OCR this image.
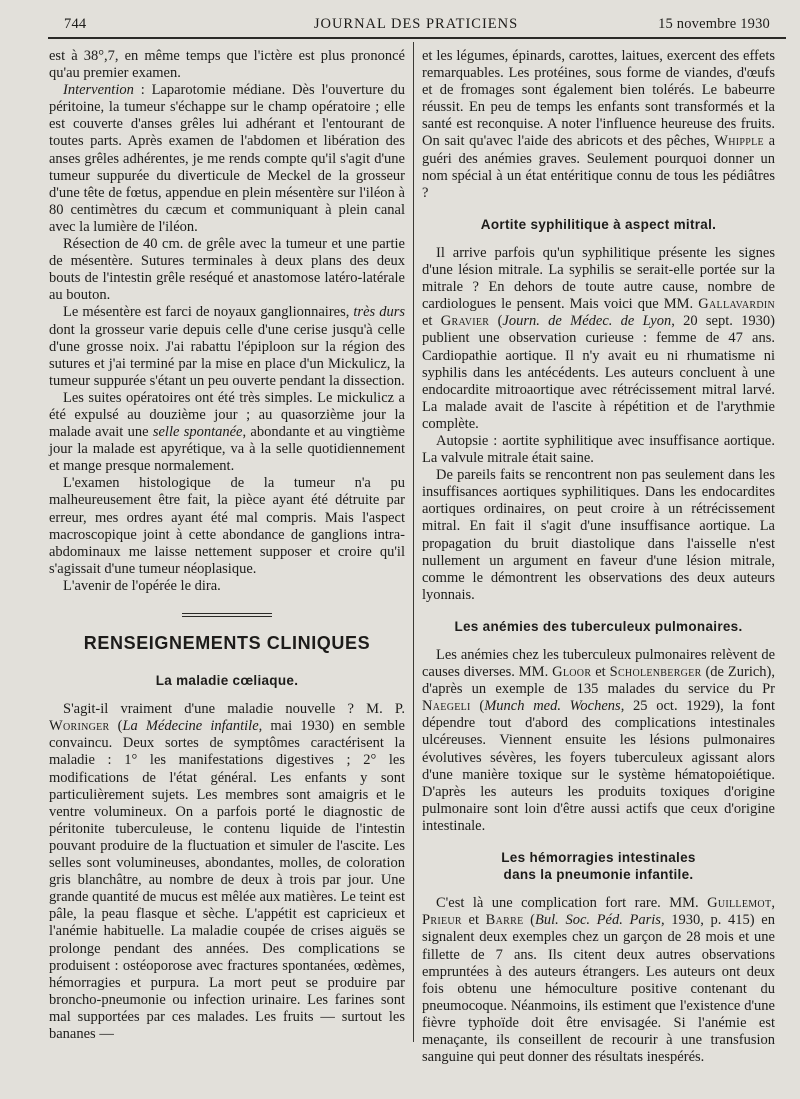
744	JOURNAL DES PRATICIENS	15 novembre 1930

est à 38°,7, en même temps que l'ictère est plus prononcé qu'au premier examen.

Intervention : Laparotomie médiane. Dès l'ouverture du péritoine, la tumeur s'échappe sur le champ opératoire ; elle est couverte d'anses grêles lui adhérant et l'entourant de toutes parts. Après examen de l'abdomen et libération des anses grêles adhérentes, je me rends compte qu'il s'agit d'une tumeur suppurée du diverticule de Meckel de la grosseur d'une tête de fœtus, appendue en plein mésentère sur l'iléon à 80 centimètres du cæcum et communiquant à plein canal avec la lumière de l'iléon.

Résection de 40 cm. de grêle avec la tumeur et une partie de mésentère. Sutures terminales à deux plans des deux bouts de l'intestin grêle reséqué et anastomose latéro-latérale au bouton.

Le mésentère est farci de noyaux ganglionnaires, très durs dont la grosseur varie depuis celle d'une cerise jusqu'à celle d'une grosse noix. J'ai rabattu l'épiploon sur la région des sutures et j'ai terminé par la mise en place d'un Mickulicz, la tumeur suppurée s'étant un peu ouverte pendant la dissection.

Les suites opératoires ont été très simples. Le mickulicz a été expulsé au douzième jour ; au quasorzième jour la malade avait une selle spontanée, abondante et au vingtième jour la malade est apyrétique, va à la selle quotidiennement et mange presque normalement.

L'examen histologique de la tumeur n'a pu malheureusement être fait, la pièce ayant été détruite par erreur, mes ordres ayant été mal compris. Mais l'aspect macroscopique joint à cette abondance de ganglions intra-abdominaux me laisse nettement supposer et croire qu'il s'agissait d'une tumeur néoplasique.

L'avenir de l'opérée le dira.

RENSEIGNEMENTS CLINIQUES
La maladie cœliaque.

S'agit-il vraiment d'une maladie nouvelle ? M. P. Woringer (La Médecine infantile, mai 1930) en semble convaincu. Deux sortes de symptômes caractérisent la maladie : 1° les manifestations digestives ; 2° les modifications de l'état général. Les enfants y sont particulièrement sujets. Les membres sont amaigris et le ventre volumineux. On a parfois porté le diagnostic de péritonite tuberculeuse, le contenu liquide de l'intestin pouvant produire de la fluctuation et simuler de l'ascite. Les selles sont volumineuses, abondantes, molles, de coloration gris blanchâtre, au nombre de deux à trois par jour. Une grande quantité de mucus est mêlée aux matières. Le teint est pâle, la peau flasque et sèche. L'appétit est capricieux et l'anémie habituelle. La maladie coupée de crises aiguës se prolonge pendant des années. Des complications se produisent : ostéoporose avec fractures spontanées, œdèmes, hémorragies et purpura. La mort peut se produire par broncho-pneumonie ou infection urinaire. Les farines sont mal supportées par ces malades. Les fruits — surtout les bananes —

et les légumes, épinards, carottes, laitues, exercent des effets remarquables. Les protéines, sous forme de viandes, d'œufs et de fromages sont également bien tolérés. Le babeurre réussit. En peu de temps les enfants sont transformés et la santé est reconquise. A noter l'influence heureuse des fruits. On sait qu'avec l'aide des abricots et des pêches, Whipple a guéri des anémies graves. Seulement pourquoi donner un nom spécial à un état entéritique connu de tous les pédiâtres ?

Aortite syphilitique à aspect mitral.

Il arrive parfois qu'un syphilitique présente les signes d'une lésion mitrale. La syphilis se serait-elle portée sur la mitrale ? En dehors de toute autre cause, nombre de cardiologues le pensent. Mais voici que MM. Gallavardin et Gravier (Journ. de Médec. de Lyon, 20 sept. 1930) publient une observation curieuse : femme de 47 ans. Cardiopathie aortique. Il n'y avait eu ni rhumatisme ni syphilis dans les antécédents. Les auteurs concluent à une endocardite mitroaortique avec rétrécissement mitral larvé. La malade avait de l'ascite à répétition et de l'arythmie complète.

Autopsie : aortite syphilitique avec insuffisance aortique. La valvule mitrale était saine.

De pareils faits se rencontrent non pas seulement dans les insuffisances aortiques syphilitiques. Dans les endocardites aortiques ordinaires, on peut croire à un rétrécissement mitral. En fait il s'agit d'une insuffisance aortique. La propagation du bruit diastolique dans l'aisselle n'est nullement un argument en faveur d'une lésion mitrale, comme le démontrent les observations des deux auteurs lyonnais.

Les anémies des tuberculeux pulmonaires.

Les anémies chez les tuberculeux pulmonaires relèvent de causes diverses. MM. Gloor et Scholenberger (de Zurich), d'après un exemple de 135 malades du service du Pr Naegeli (Munch med. Wochens, 25 oct. 1929), la font dépendre tout d'abord des complications intestinales ulcéreuses. Viennent ensuite les lésions pulmonaires évolutives sévères, les foyers tuberculeux agissant alors d'une manière toxique sur le système hématopoiétique. D'après les auteurs les produits toxiques d'origine pulmonaire sont loin d'être aussi actifs que ceux d'origine intestinale.

Les hémorragies intestinales
dans la pneumonie infantile.

C'est là une complication fort rare. MM. Guillemot, Prieur et Barre (Bul. Soc. Péd. Paris, 1930, p. 415) en signalent deux exemples chez un garçon de 28 mois et une fillette de 7 ans. Ils citent deux autres observations empruntées à des auteurs étrangers. Les auteurs ont deux fois obtenu une hémoculture positive contenant du pneumocoque. Néanmoins, ils estiment que l'existence d'une fièvre typhoïde doit être envisagée. Si l'anémie est menaçante, ils conseillent de recourir à une transfusion sanguine qui peut donner des résultats inespérés.
